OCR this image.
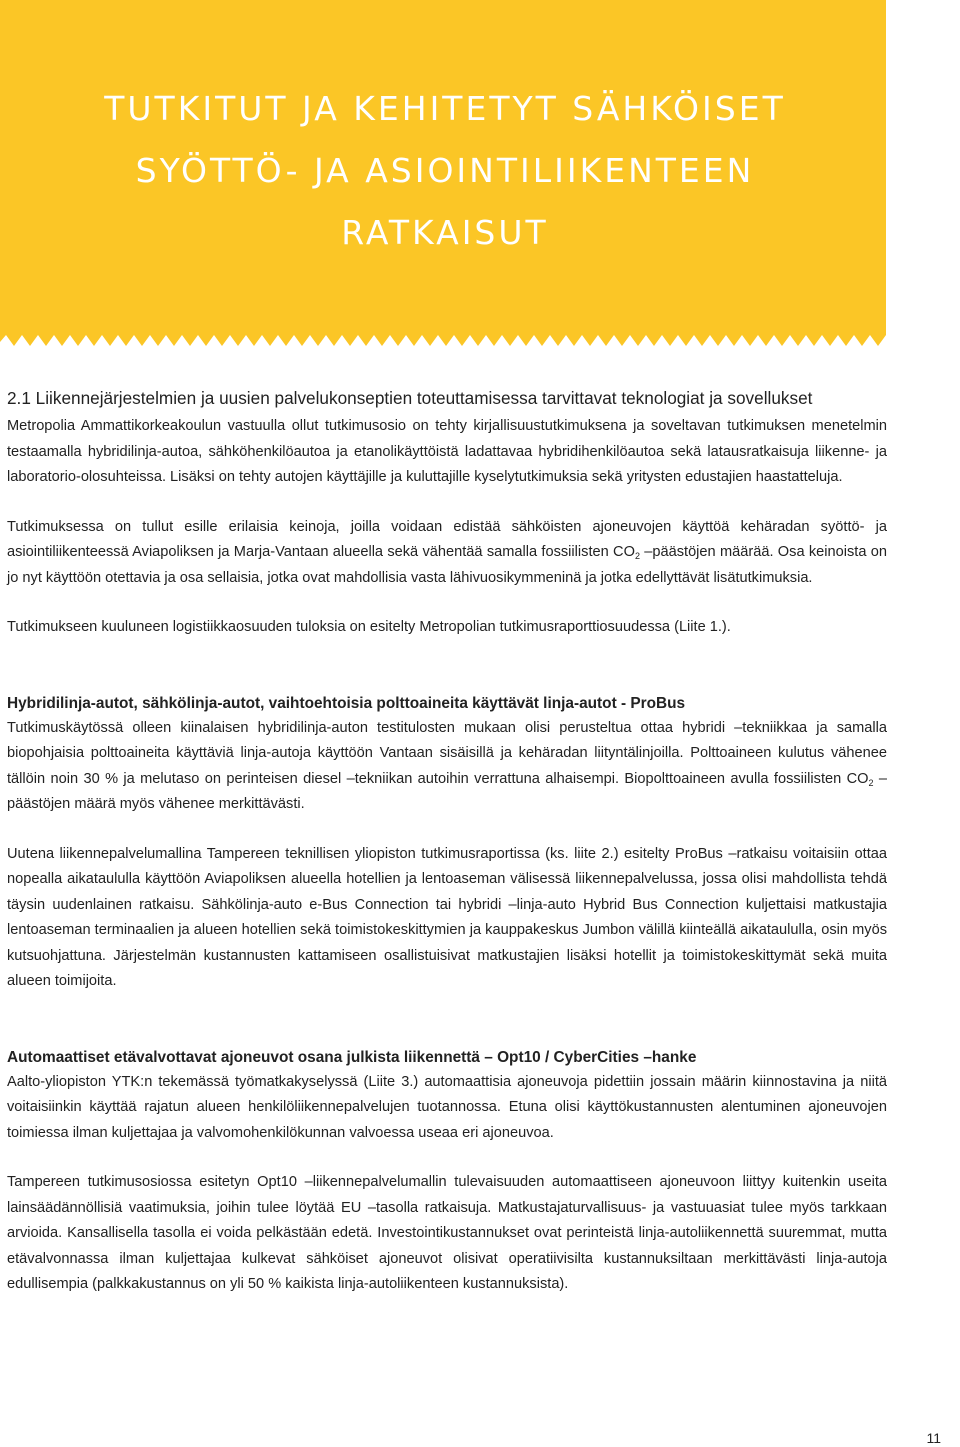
TUTKITUT JA KEHITETYT SÄHKÖISET
SYÖTTÖ- JA ASIOINTILIIKENTEEN
RATKAISUT
2.1 Liikennejärjestelmien ja uusien palvelukonseptien toteuttamisessa tarvittavat teknologiat ja sovellukset

Metropolia Ammattikorkeakoulun vastuulla ollut tutkimusosio on tehty kirjallisuustutkimuksena ja soveltavan tutkimuksen menetelmin testaamalla hybridilinja-autoa, sähköhenkilöautoa ja etanolikäyttöistä ladattavaa hybridihenkilöautoa sekä latausratkaisuja liikenne- ja laboratorio-olosuhteissa. Lisäksi on tehty autojen käyttäjille ja kuluttajille kyselytutkimuksia sekä yritysten edustajien haastatteluja.

Tutkimuksessa on tullut esille erilaisia keinoja, joilla voidaan edistää sähköisten ajoneuvojen käyttöä kehäradan syöttö- ja asiointiliikenteessä Aviapoliksen ja Marja-Vantaan alueella sekä vähentää samalla fossiilisten $CO_2$ –päästöjen määrää. Osa keinoista on jo nyt käyttöön otettavia ja osa sellaisia, jotka ovat mahdollisia vasta lähivuosikymmeninä ja jotka edellyttävät lisätutkimuksia.

Tutkimukseen kuuluneen logistiikkaosuuden tuloksia on esitelty Metropolian tutkimusraporttiosuudessa (Liite 1.).

Hybridilinja-autot, sähkölinja-autot, vaihtoehtoisia polttoaineita käyttävät linja-autot - ProBus

Tutkimuskäytössä olleen kiinalaisen hybridilinja-auton testitulosten mukaan olisi perusteltua ottaa hybridi –tekniikkaa ja samalla biopohjaisia polttoaineita käyttäviä linja-autoja käyttöön Vantaan sisäisillä ja kehäradan liityntälinjoilla. Polttoaineen kulutus vähenee tällöin noin 30 % ja melutaso on perinteisen diesel –tekniikan autoihin verrattuna alhaisempi. Biopolttoaineen avulla fossiilisten $CO_2$ –päästöjen määrä myös vähenee merkittävästi.

Uutena liikennepalvelumallina Tampereen teknillisen yliopiston tutkimusraportissa (ks. liite 2.) esitelty ProBus –ratkaisu voitaisiin ottaa nopealla aikataululla käyttöön Aviapoliksen alueella hotellien ja lentoaseman välisessä liikennepalvelussa, jossa olisi mahdollista tehdä täysin uudenlainen ratkaisu. Sähkölinja-auto e-Bus Connection tai hybridi –linja-auto Hybrid Bus Connection kuljettaisi matkustajia lentoaseman terminaalien ja alueen hotellien sekä toimistokeskittymien ja kauppakeskus Jumbon välillä kiinteällä aikataululla, osin myös kutsuohjattuna. Järjestelmän kustannusten kattamiseen osallistuisivat matkustajien lisäksi hotellit ja toimistokeskittymät sekä muita alueen toimijoita.

Automaattiset etävalvottavat ajoneuvot osana julkista liikennettä – Opt10 / CyberCities –hanke

Aalto-yliopiston YTK:n tekemässä työmatkakyselyssä (Liite 3.) automaattisia ajoneuvoja pidettiin jossain määrin kiinnostavina ja niitä voitaisiinkin käyttää rajatun alueen henkilöliikennepalvelujen tuotannossa. Etuna olisi käyttökustannusten alentuminen ajoneuvojen toimiessa ilman kuljettajaa ja valvomohenkilökunnan valvoessa useaa eri ajoneuvoa.

Tampereen tutkimusosiossa esitetyn Opt10 –liikennepalvelumallin tulevaisuuden automaattiseen ajoneuvoon liittyy kuitenkin useita lainsäädännöllisiä vaatimuksia, joihin tulee löytää EU –tasolla ratkaisuja. Matkustajaturvallisuus- ja vastuuasiat tulee myös tarkkaan arvioida. Kansallisella tasolla ei voida pelkästään edetä. Investointikustannukset ovat perinteistä linja-autoliikennettä suuremmat, mutta etävalvonnassa ilman kuljettajaa kulkevat sähköiset ajoneuvot olisivat operatiivisilta kustannuksiltaan merkittävästi linja-autoja edullisempia (palkkakustannus on yli 50 % kaikista linja-autoliikenteen kustannuksista).

11
